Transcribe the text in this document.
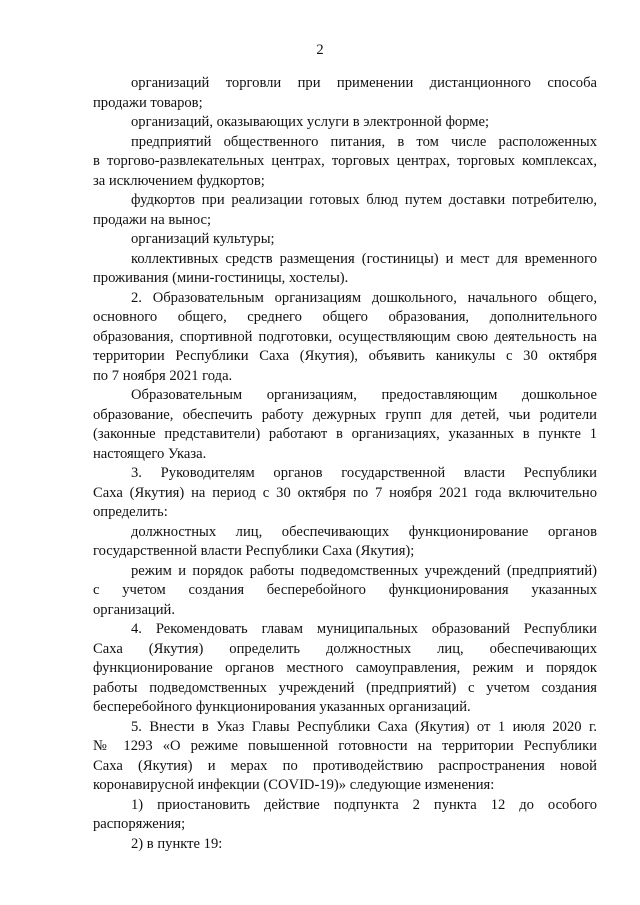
2
организаций торговли при применении дистанционного способа
продажи товаров;
организаций, оказывающих услуги в электронной форме;
предприятий общественного питания, в том числе расположенных
в торгово-развлекательных центрах, торговых центрах, торговых комплексах,
за исключением фудкортов;
фудкортов при реализации готовых блюд путем доставки потребителю,
продажи на вынос;
организаций культуры;
коллективных средств размещения (гостиницы) и мест для временного
проживания (мини-гостиницы, хостелы).
2. Образовательным организациям дошкольного, начального общего,
основного общего, среднего общего образования, дополнительного
образования, спортивной подготовки, осуществляющим свою деятельность на
территории Республики Саха (Якутия), объявить каникулы с 30 октября
по 7 ноября 2021 года.
Образовательным организациям, предоставляющим дошкольное
образование, обеспечить работу дежурных групп для детей, чьи родители
(законные представители) работают в организациях, указанных в пункте 1
настоящего Указа.
3. Руководителям органов государственной власти Республики
Саха (Якутия) на период с 30 октября по 7 ноября 2021 года включительно
определить:
должностных лиц, обеспечивающих функционирование органов
государственной власти Республики Саха (Якутия);
режим и порядок работы подведомственных учреждений (предприятий)
с учетом создания бесперебойного функционирования указанных
организаций.
4. Рекомендовать главам муниципальных образований Республики
Саха (Якутия) определить должностных лиц, обеспечивающих
функционирование органов местного самоуправления, режим и порядок
работы подведомственных учреждений (предприятий) с учетом создания
бесперебойного функционирования указанных организаций.
5. Внести в Указ Главы Республики Саха (Якутия) от 1 июля 2020 г.
№ 1293 «О режиме повышенной готовности на территории Республики
Саха (Якутия) и мерах по противодействию распространения новой
коронавирусной инфекции (COVID-19)» следующие изменения:
1) приостановить действие подпункта 2 пункта 12 до особого
распоряжения;
2) в пункте 19:
